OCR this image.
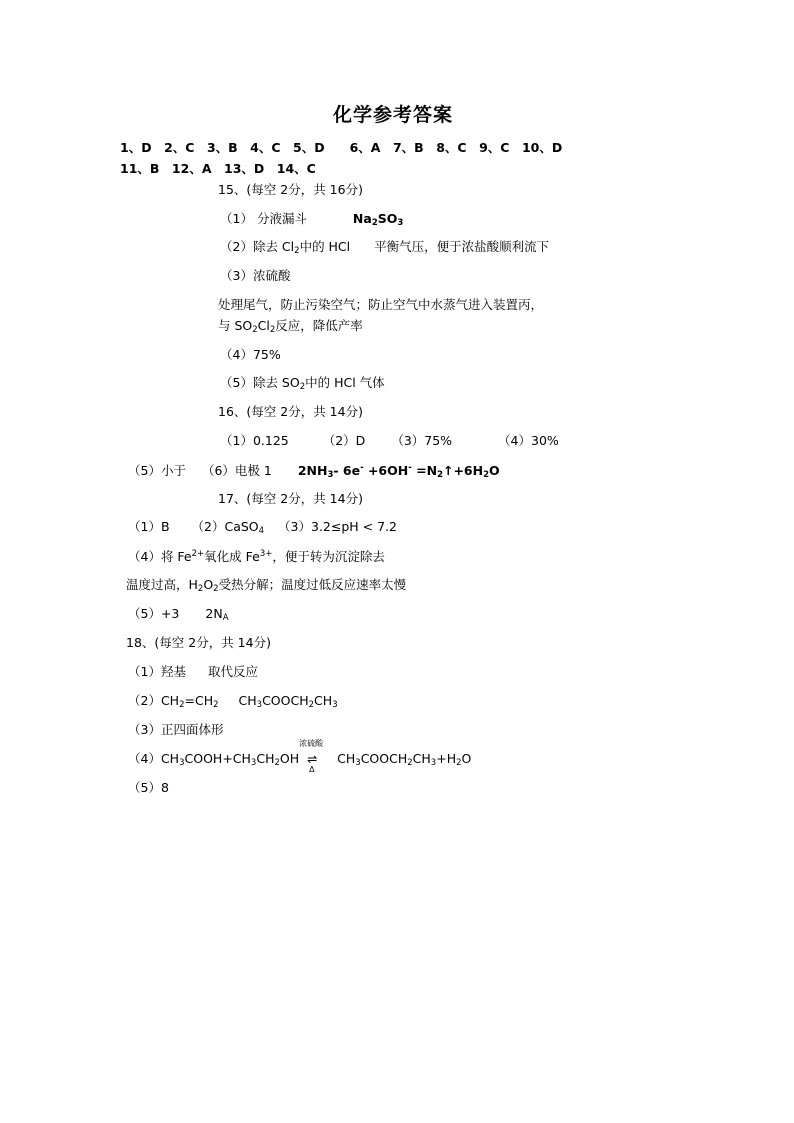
化学参考答案
1、D　2、C　3、B　4、C　5、D　　6、A　7、B　8、C　9、C　10、D
11、B　12、A　13、D　14、C
15、(每空 2分，共 16分)
（1） 分液漏斗	$Na_2SO_3$
（2）除去 $Cl_2$中的 HCl 平衡气压，便于浓盐酸顺利流下
（3）浓硫酸
处理尾气，防止污染空气；防止空气中水蒸气进入装置丙，
与 $SO_2Cl_2$反应，降低产率
（4）75%
（5）除去 $SO_2$中的 HCl 气体
16、(每空 2分，共 14分)
（1）0.125	（2）D （3）75%	（4）30%
（5）小于 （6）电极 1 $2NH_3-$ $6e^- +6OH^- =N_2↑+6H_2O$
17、(每空 2分，共 14分)
（1）B （2）CaSO$_4$ （3）3.2≤pH < 7.2
（4）将 $Fe^{2+}$氧化成 $Fe^{3+}$，便于转为沉淀除去
温度过高，$H_2O_2$受热分解；温度过低反应速率太慢
（5）+3 $2N_A$
18、(每空 2分，共 14分)
（1）羟基 取代反应
$(2)CH_2=CH_2$ $CH_3COOCH_2CH_3$
（3）正四面体形
$(4)CH_3COOH+CH_3CH_2OH$
浓硫酸
⇌
Δ
$CH_3COOCH_2CH_3+H_2O$
（5）8
